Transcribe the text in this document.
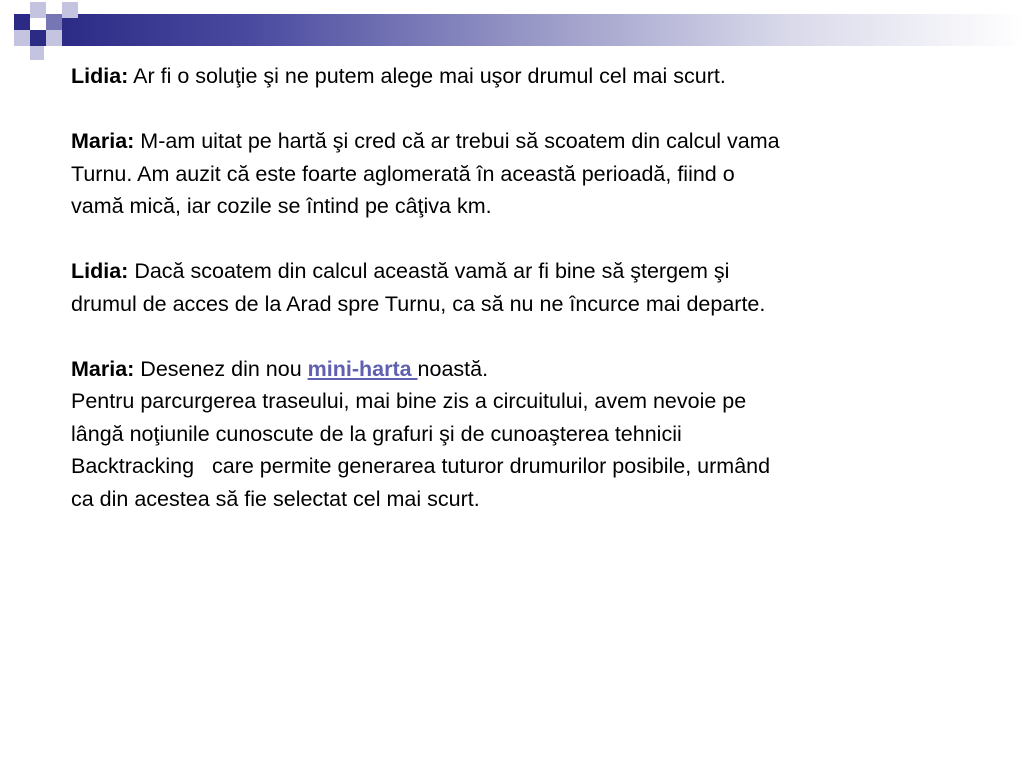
Lidia: Ar fi o soluţie şi ne putem alege mai uşor drumul cel mai scurt.

Maria: M-am uitat pe hartă şi cred că ar trebui să scoatem din calcul vama
Turnu. Am auzit că este foarte aglomerată în această perioadă, fiind o
vamă mică, iar cozile se întind pe câţiva km.

Lidia: Dacă scoatem din calcul această vamă ar fi bine să ştergem şi
drumul de acces de la Arad spre Turnu, ca să nu ne încurce mai departe.

Maria: Desenez din nou mini-harta noastă.
Pentru parcurgerea traseului, mai bine zis a circuitului, avem nevoie pe
lângă noţiunile cunoscute de la grafuri şi de cunoaşterea tehnicii
Backtracking   care permite generarea tuturor drumurilor posibile, urmând
ca din acestea să fie selectat cel mai scurt.
